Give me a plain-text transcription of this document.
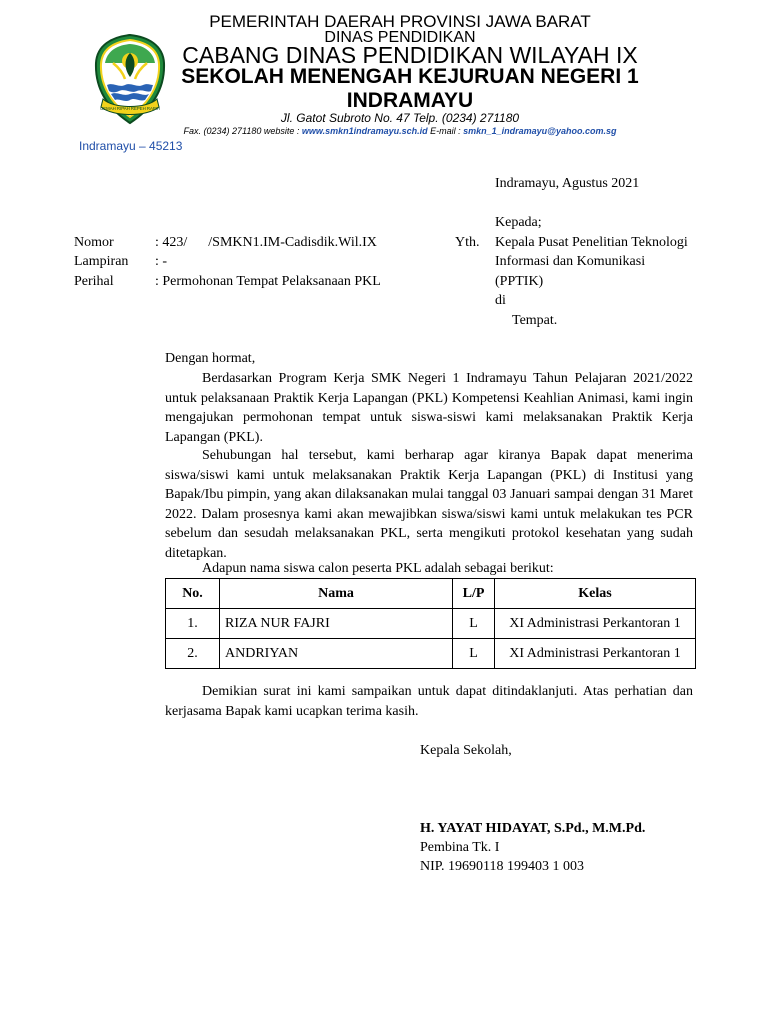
GEMAH RIPAH REPEH RAPIH
PEMERINTAH DAERAH PROVINSI JAWA BARAT
DINAS PENDIDIKAN
CABANG DINAS PENDIDIKAN WILAYAH IX
SEKOLAH MENENGAH KEJURUAN NEGERI 1
INDRAMAYU
Jl. Gatot Subroto No. 47 Telp. (0234) 271180
Fax. (0234) 271180 website : www.smkn1indramayu.sch.id E-mail : smkn_1_indramayu@yahoo.com.sg
Indramayu – 45213
Indramayu, Agustus 2021
Kepada;
Yth. Kepala Pusat Penelitian Teknologi
Informasi dan Komunikasi
(PPTIK)
di
Tempat.
Nomor	: 423/      /SMKN1.IM-Cadisdik.Wil.IX
Lampiran : -
Perihal	: Permohonan Tempat Pelaksanaan PKL
Dengan hormat,
Berdasarkan Program Kerja SMK Negeri 1 Indramayu Tahun Pelajaran 2021/2022 untuk pelaksanaan Praktik Kerja Lapangan (PKL) Kompetensi Keahlian Animasi, kami ingin mengajukan permohonan tempat untuk siswa-siswi kami melaksanakan Praktik Kerja Lapangan (PKL).
Sehubungan hal tersebut, kami berharap agar kiranya Bapak dapat menerima siswa/siswi kami untuk melaksanakan Praktik Kerja Lapangan (PKL) di Institusi yang Bapak/Ibu pimpin, yang akan dilaksanakan mulai tanggal 03 Januari sampai dengan 31 Maret 2022. Dalam prosesnya kami akan mewajibkan siswa/siswi kami untuk melakukan tes PCR sebelum dan sesudah melaksanakan PKL, serta mengikuti protokol kesehatan yang sudah ditetapkan.
Adapun nama siswa calon peserta PKL adalah sebagai berikut:
No.	Nama	L/P	Kelas
1.	RIZA NUR FAJRI	L	XI Administrasi Perkantoran 1
2.	ANDRIYAN	L	XI Administrasi Perkantoran 1
Demikian surat ini kami sampaikan untuk dapat ditindaklanjuti. Atas perhatian dan kerjasama Bapak kami ucapkan terima kasih.
Kepala Sekolah,
H. YAYAT HIDAYAT, S.Pd., M.M.Pd.
Pembina Tk. I
NIP. 19690118 199403 1 003
